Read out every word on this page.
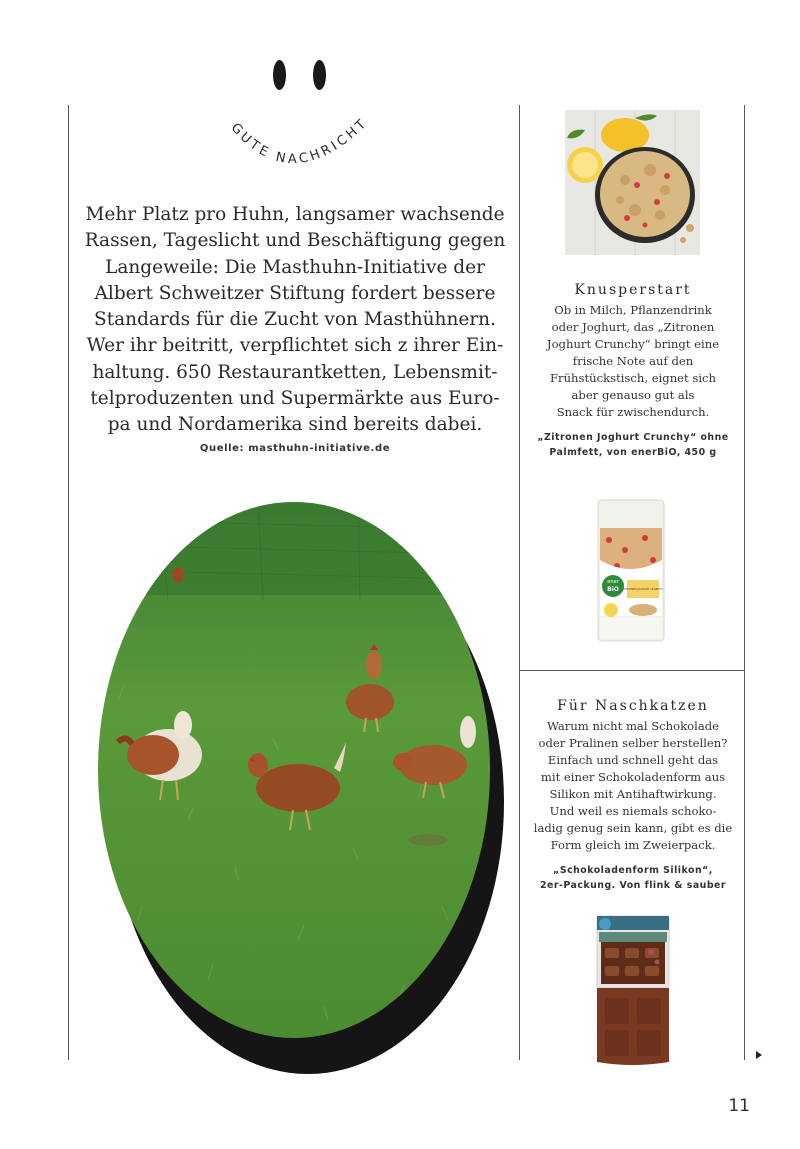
GUTE NACHRICHT
Mehr Platz pro Huhn, langsamer wachsende
Rassen, Tageslicht und Beschäftigung gegen
Langeweile: Die Masthuhn-Initiative der
Albert Schweitzer Stiftung fordert bessere
Standards für die Zucht von Masthühnern.
Wer ihr beitritt, verpflichtet sich z ihrer Ein-
haltung. 650 Restaurantketten, Lebensmit-
telproduzenten und Supermärkte aus Euro-
pa und Nordamerika sind bereits dabei.
Quelle: masthuhn-initiative.de
Knusperstart
Ob in Milch, Pflanzendrink
oder Joghurt, das „Zitronen
Joghurt Crunchy“ bringt eine
frische Note auf den
Frühstückstisch, eignet sich
aber genauso gut als
Snack für zwischendurch.
„Zitronen Joghurt Crunchy“ ohne
Palmfett, von enerBiO, 450 g
ener
BiO ZITRONEN JOGHURT CRUNCHY
Für Naschkatzen
Warum nicht mal Schokolade
oder Pralinen selber herstellen?
Einfach und schnell geht das
mit einer Schokoladenform aus
Silikon mit Antihaftwirkung.
Und weil es niemals schoko-
ladig genug sein kann, gibt es die
Form gleich im Zweierpack.
„Schokoladenform Silikon“,
2er-Packung. Von flink & sauber
11
